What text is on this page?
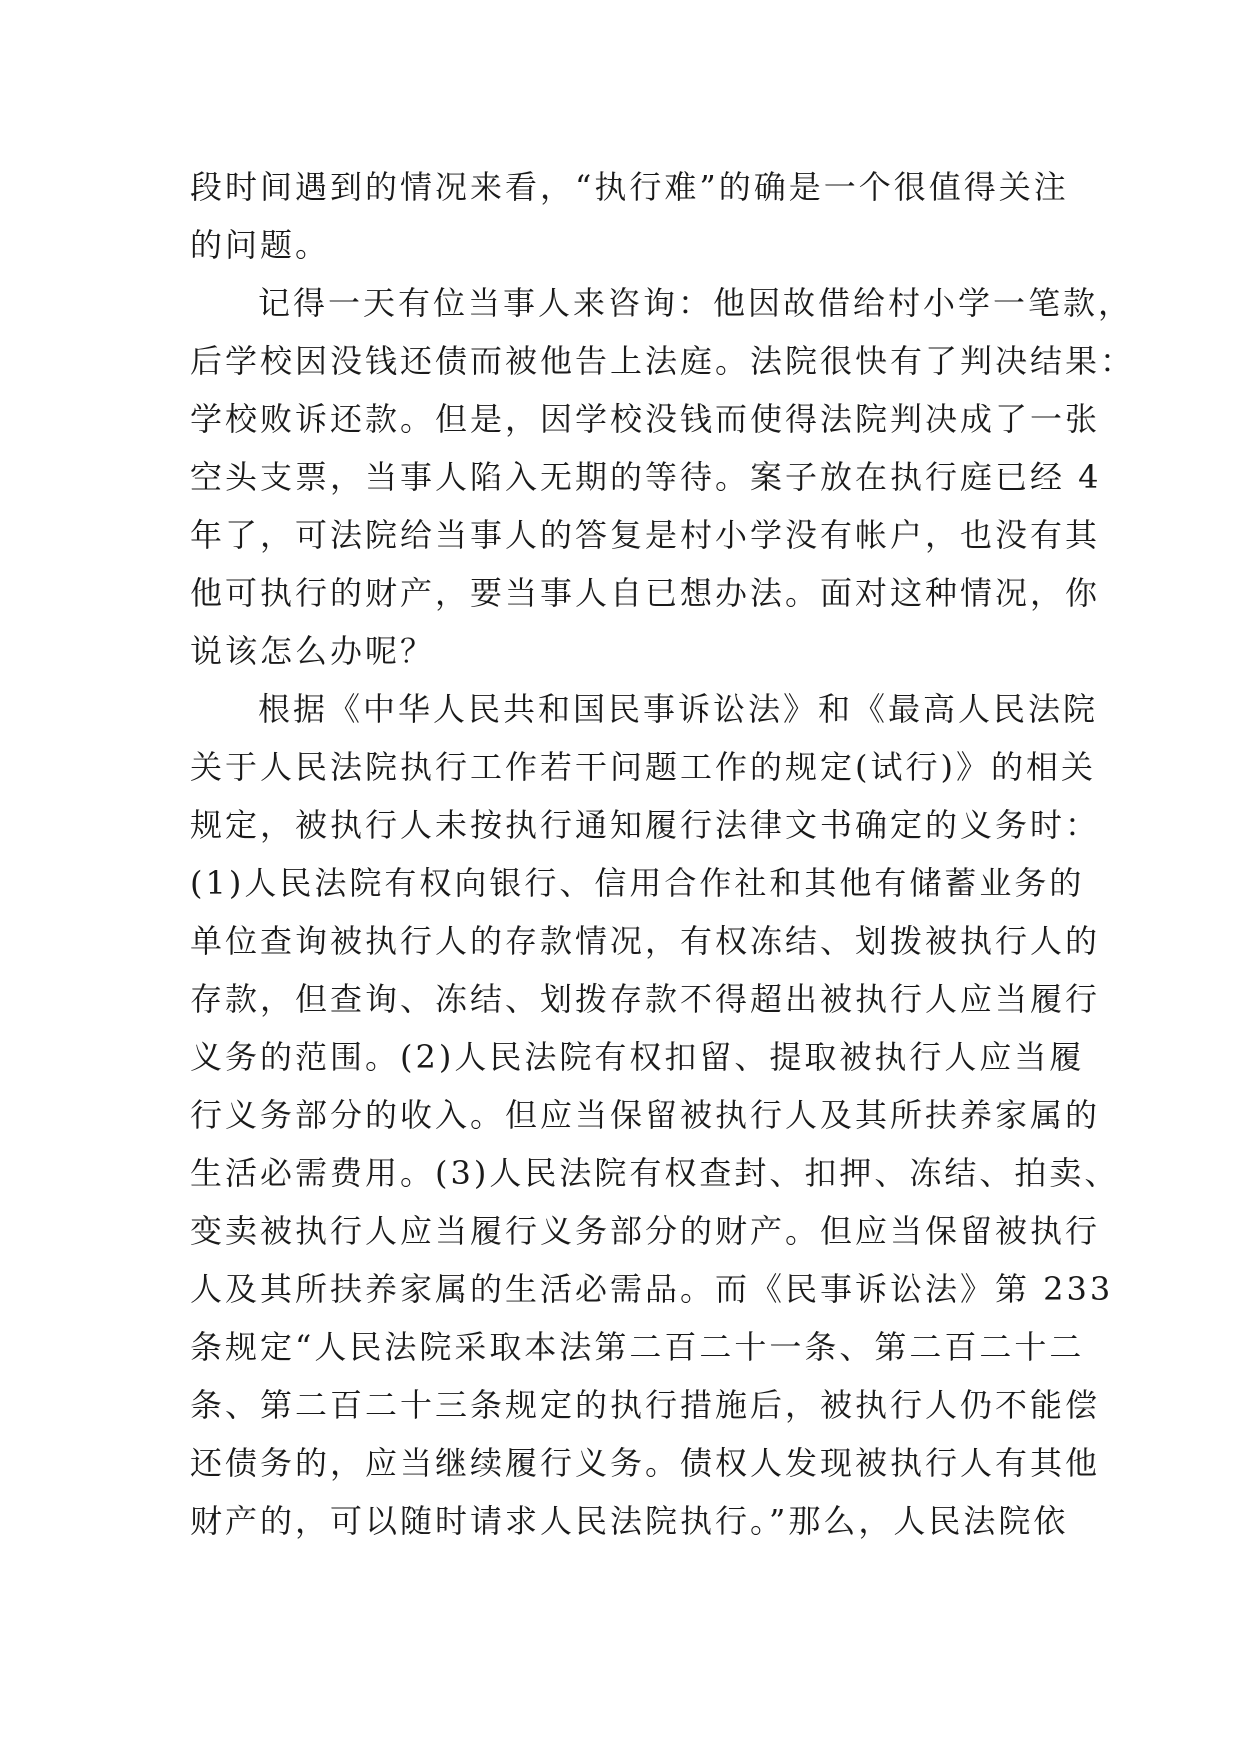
段时间遇到的情况来看，“执行难”的确是一个很值得关注
的问题。
记得一天有位当事人来咨询：他因故借给村小学一笔款，
后学校因没钱还债而被他告上法庭。法院很快有了判决结果：
学校败诉还款。但是，因学校没钱而使得法院判决成了一张
空头支票，当事人陷入无期的等待。案子放在执行庭已经 4
年了，可法院给当事人的答复是村小学没有帐户，也没有其
他可执行的财产，要当事人自已想办法。面对这种情况，你
说该怎么办呢？
根据《中华人民共和国民事诉讼法》和《最高人民法院
关于人民法院执行工作若干问题工作的规定(试行)》的相关
规定，被执行人未按执行通知履行法律文书确定的义务时：
(1)人民法院有权向银行、信用合作社和其他有储蓄业务的
单位查询被执行人的存款情况，有权冻结、划拨被执行人的
存款，但查询、冻结、划拨存款不得超出被执行人应当履行
义务的范围。(2)人民法院有权扣留、提取被执行人应当履
行义务部分的收入。但应当保留被执行人及其所扶养家属的
生活必需费用。(3)人民法院有权查封、扣押、冻结、拍卖、
变卖被执行人应当履行义务部分的财产。但应当保留被执行
人及其所扶养家属的生活必需品。而《民事诉讼法》第 233
条规定“人民法院采取本法第二百二十一条、第二百二十二
条、第二百二十三条规定的执行措施后，被执行人仍不能偿
还债务的，应当继续履行义务。债权人发现被执行人有其他
财产的，可以随时请求人民法院执行。”那么，人民法院依
